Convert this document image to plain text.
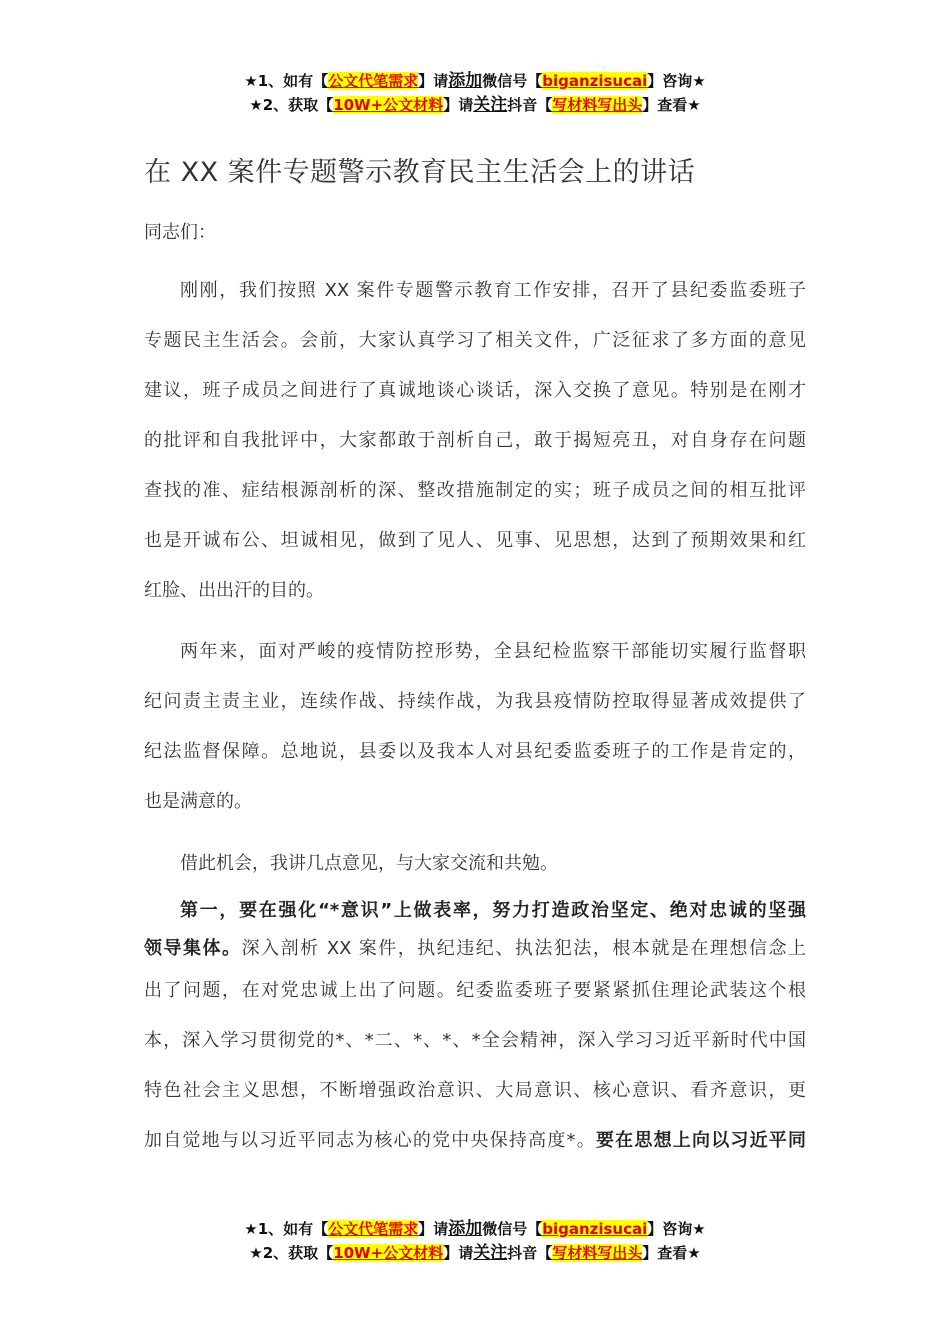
★1、如有【公文代笔需求】请添加微信号【biganzisucai】咨询★
★2、获取【10W+公文材料】请关注抖音【写材料写出头】查看★
在 XX 案件专题警示教育民主生活会上的讲话
同志们：
刚刚，我们按照 XX 案件专题警示教育工作安排，召开了县纪委监委班子
专题民主生活会。会前，大家认真学习了相关文件，广泛征求了多方面的意见
建议，班子成员之间进行了真诚地谈心谈话，深入交换了意见。特别是在刚才
的批评和自我批评中，大家都敢于剖析自己，敢于揭短亮丑，对自身存在问题
查找的准、症结根源剖析的深、整改措施制定的实；班子成员之间的相互批评
也是开诚布公、坦诚相见，做到了见人、见事、见思想，达到了预期效果和红
红脸、出出汗的目的。
两年来，面对严峻的疫情防控形势，全县纪检监察干部能切实履行监督职
纪问责主责主业，连续作战、持续作战，为我县疫情防控取得显著成效提供了
纪法监督保障。总地说，县委以及我本人对县纪委监委班子的工作是肯定的，
也是满意的。
借此机会，我讲几点意见，与大家交流和共勉。
第一，要在强化“*意识”上做表率，努力打造政治坚定、绝对忠诚的坚强
领导集体。深入剖析 XX 案件，执纪违纪、执法犯法，根本就是在理想信念上
出了问题，在对党忠诚上出了问题。纪委监委班子要紧紧抓住理论武装这个根
本，深入学习贯彻党的*、*二、*、*、*全会精神，深入学习习近平新时代中国
特色社会主义思想，不断增强政治意识、大局意识、核心意识、看齐意识，更
加自觉地与以习近平同志为核心的党中央保持高度*。要在思想上向以习近平同
★1、如有【公文代笔需求】请添加微信号【biganzisucai】咨询★
★2、获取【10W+公文材料】请关注抖音【写材料写出头】查看★
